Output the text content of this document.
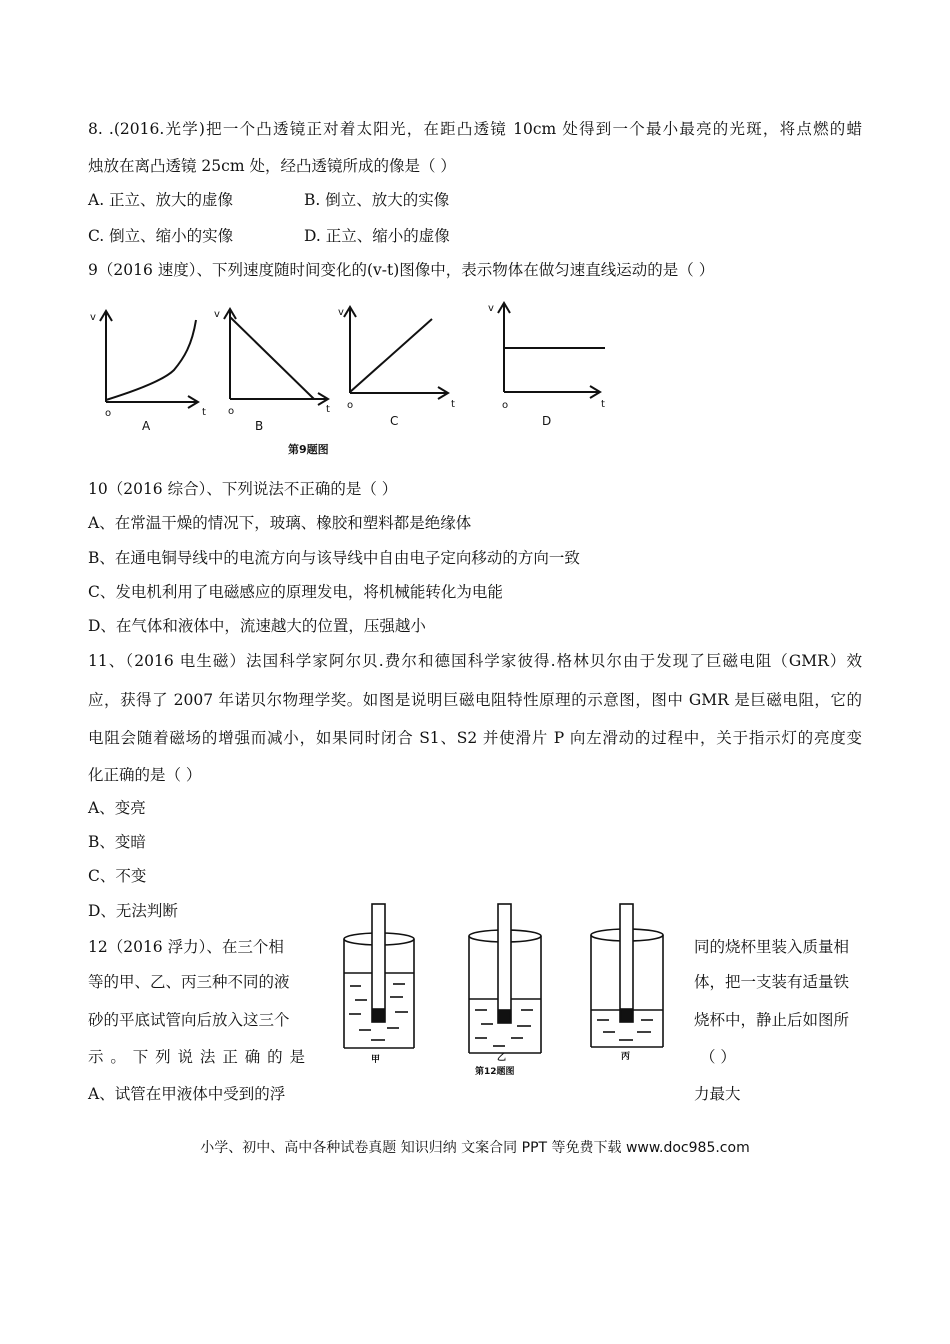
8. .(2016.光学)把一个凸透镜正对着太阳光，在距凸透镜 10cm 处得到一个最小最亮的光斑，将点燃的蜡
烛放在离凸透镜 25cm 处，经凸透镜所成的像是（ ）
A. 正立、放大的虚像	B. 倒立、放大的实像
C. 倒立、缩小的实像	D. 正立、缩小的虚像
9（2016 速度）、下列速度随时间变化的(v-t)图像中，表示物体在做匀速直线运动的是（ ）
v
o	t
A
v
o	t
B
v
o	t
C
v
o	t
D
第9题图
10（2016 综合）、下列说法不正确的是（ ）
A、在常温干燥的情况下，玻璃、橡胶和塑料都是绝缘体
B、在通电铜导线中的电流方向与该导线中自由电子定向移动的方向一致
C、发电机利用了电磁感应的原理发电，将机械能转化为电能
D、在气体和液体中，流速越大的位置，压强越小
11、（2016 电生磁）法国科学家阿尔贝.费尔和德国科学家彼得.格林贝尔由于发现了巨磁电阻（GMR）效
应，获得了 2007 年诺贝尔物理学奖。如图是说明巨磁电阻特性原理的示意图，图中 GMR 是巨磁电阻，它的
电阻会随着磁场的增强而减小，如果同时闭合 S1、S2 并使滑片 P 向左滑动的过程中，关于指示灯的亮度变
化正确的是（ ）
A、变亮
B、变暗
C、不变
D、无法判断
12（2016 浮力）、在三个相
等的甲、乙、丙三种不同的液
砂的平底试管向后放入这三个
示 。 下 列 说 法 正 确 的 是
A、试管在甲液体中受到的浮
同的烧杯里装入质量相
体，把一支装有适量铁
烧杯中，静止后如图所
（ ）
力最大
甲	乙	丙
第12题图
小学、初中、高中各种试卷真题 知识归纳 文案合同 PPT 等免费下载 www.doc985.com
